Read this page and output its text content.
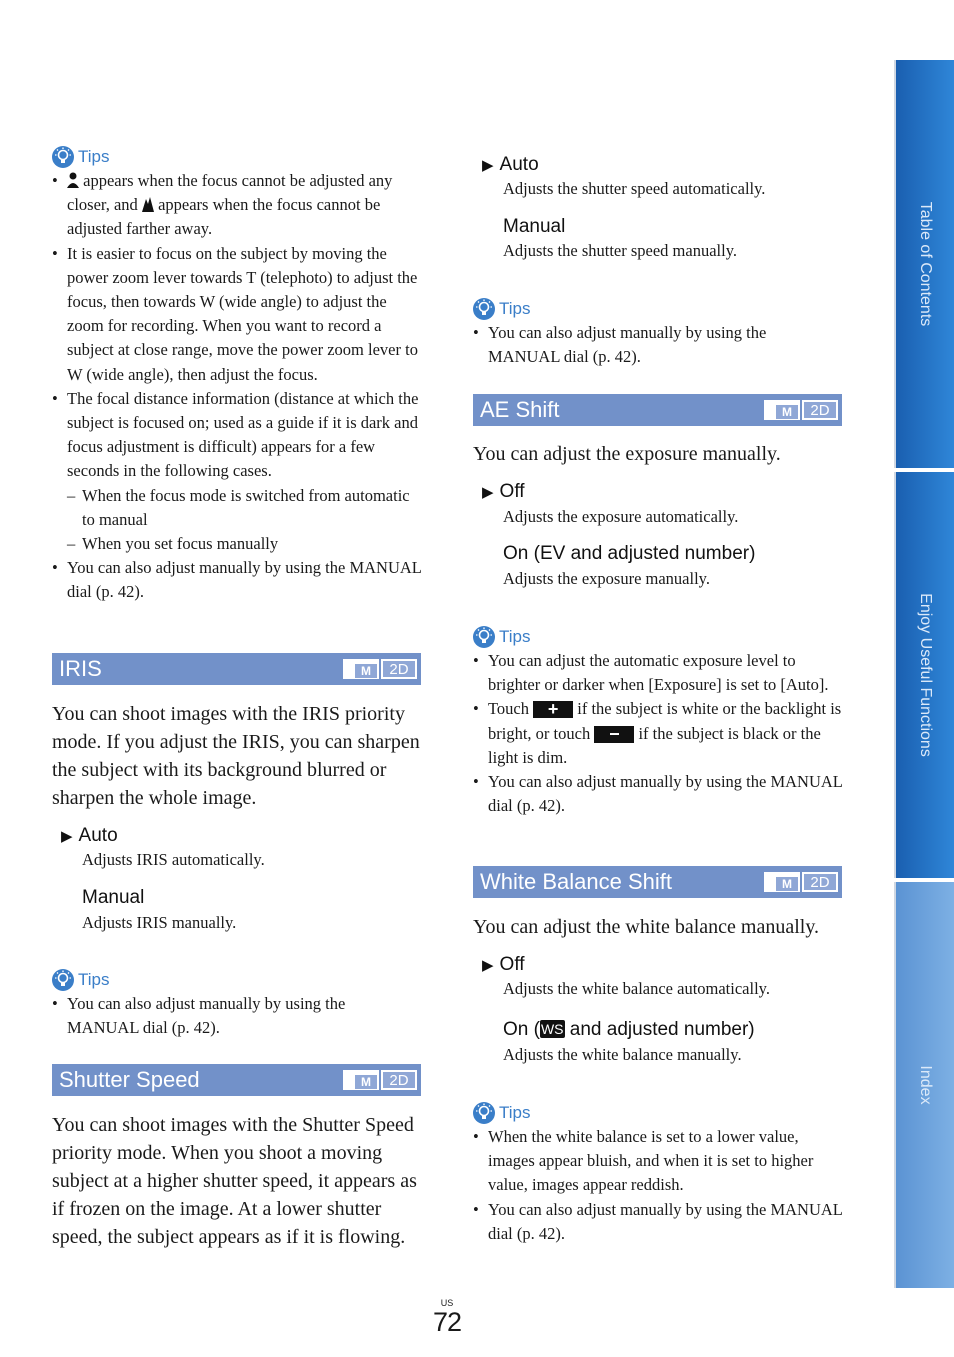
Tips
• appears when the focus cannot be adjusted any closer, and  appears when the focus cannot be adjusted farther away.
• It is easier to focus on the subject by moving the power zoom lever towards T (telephoto) to adjust the focus, then towards W (wide angle) to adjust the zoom for recording. When you want to record a subject at close range, move the power zoom lever to W (wide angle), then adjust the focus.
• The focal distance information (distance at which the subject is focused on; used as a guide if it is dark and focus adjustment is difficult) appears for a few seconds in the following cases.
– When the focus mode is switched from automatic to manual
– When you set focus manually
• You can also adjust manually by using the MANUAL dial (p. 42).
IRIS	M	2D
You can shoot images with the IRIS priority mode. If you adjust the IRIS, you can sharpen the subject with its background blurred or sharpen the whole image.
▶ Auto
Adjusts IRIS automatically.
Manual
Adjusts IRIS manually.
Tips
• You can also adjust manually by using the MANUAL dial (p. 42).
Shutter Speed	M	2D
You can shoot images with the Shutter Speed priority mode. When you shoot a moving subject at a higher shutter speed, it appears as if frozen on the image. At a lower shutter speed, the subject appears as if it is flowing.
▶ Auto
Adjusts the shutter speed automatically.
Manual
Adjusts the shutter speed manually.
Tips
• You can also adjust manually by using the MANUAL dial (p. 42).
AE Shift	M	2D
You can adjust the exposure manually.
▶ Off
Adjusts the exposure automatically.
On (EV and adjusted number)
Adjusts the exposure manually.
Tips
• You can adjust the automatic exposure level to brighter or darker when [Exposure] is set to [Auto].
• Touch + if the subject is white or the backlight is bright, or touch − if the subject is black or the light is dim.
• You can also adjust manually by using the MANUAL dial (p. 42).
White Balance Shift	M	2D
You can adjust the white balance manually.
▶ Off
Adjusts the white balance automatically.
On (WS and adjusted number)
Adjusts the white balance manually.
Tips
• When the white balance is set to a lower value, images appear bluish, and when it is set to higher value, images appear reddish.
• You can also adjust manually by using the MANUAL dial (p. 42).
Table of Contents
Enjoy Useful Functions
Index
US
72
